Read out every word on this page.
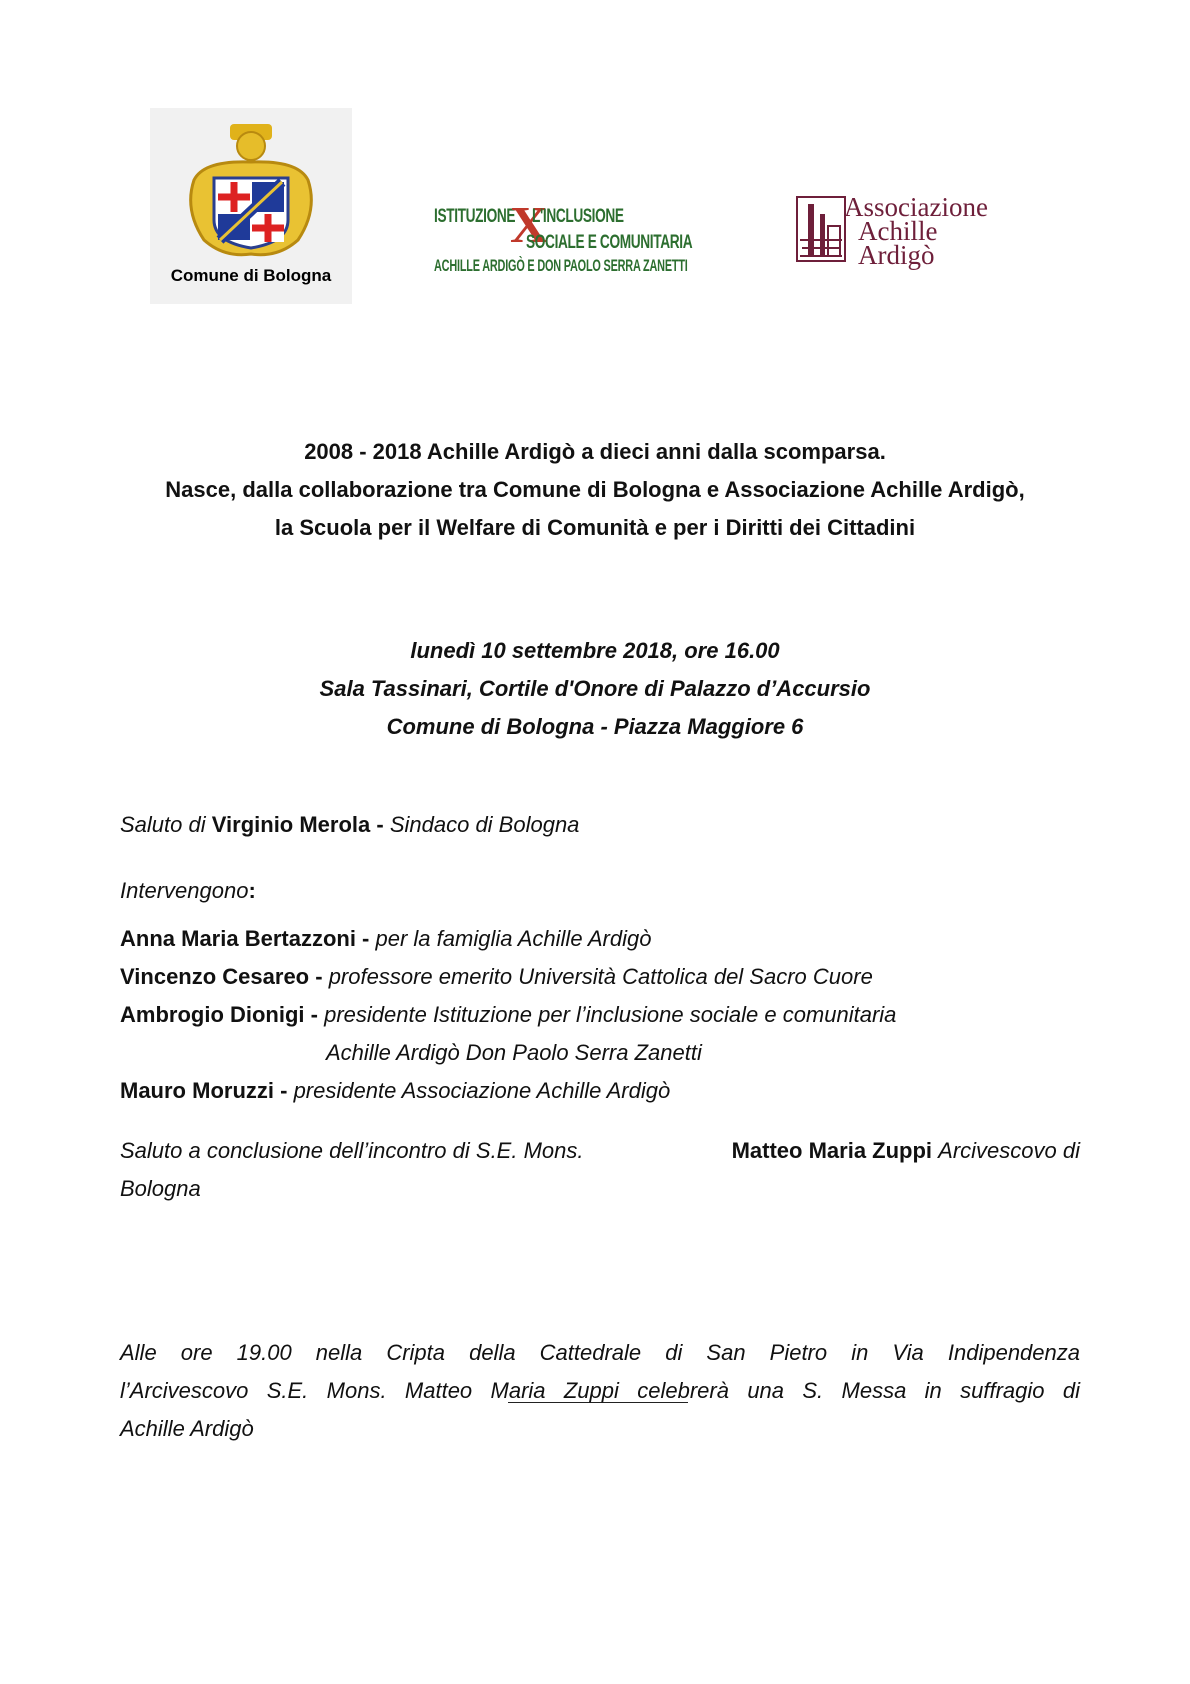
Comune di Bologna
ISTITUZIONE
X
L'INCLUSIONE
SOCIALE E COMUNITARIA
ACHILLE ARDIGÒ E DON PAOLO SERRA ZANETTI
Associazione
Achille
Ardigò
2008 - 2018 Achille Ardigò a dieci anni dalla scomparsa.
Nasce, dalla collaborazione tra Comune di Bologna e Associazione Achille Ardigò,
la Scuola per il Welfare di Comunità e per i Diritti dei Cittadini
lunedì 10 settembre 2018, ore 16.00
Sala Tassinari, Cortile d'Onore di Palazzo d’Accursio
Comune di Bologna - Piazza Maggiore 6
Saluto di Virginio Merola - Sindaco di Bologna
Intervengono:
Anna Maria Bertazzoni - per la famiglia Achille Ardigò
Vincenzo Cesareo - professore emerito Università Cattolica del Sacro Cuore
Ambrogio Dionigi - presidente Istituzione per l’inclusione sociale e comunitaria
Achille Ardigò Don Paolo Serra Zanetti
Mauro Moruzzi - presidente Associazione Achille Ardigò
Saluto a conclusione dell’incontro di S.E. Mons.	Matteo Maria Zuppi Arcivescovo di
Bologna
Alle ore 19.00 nella Cripta della Cattedrale di San Pietro in Via Indipendenza
l’Arcivescovo S.E. Mons. Matteo Maria Zuppi celebrerà una S. Messa in suffragio di
Achille Ardigò
